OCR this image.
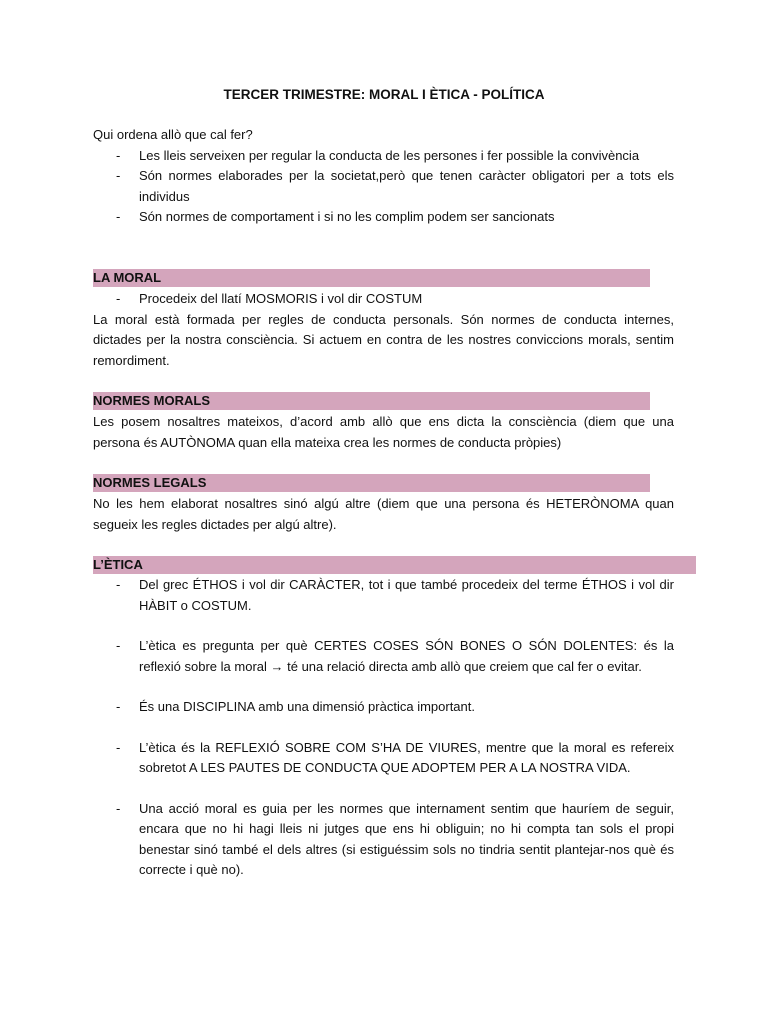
TERCER TRIMESTRE: MORAL I ÈTICA - POLÍTICA

Qui ordena allò que cal fer?

- Les lleis serveixen per regular la conducta de les persones i fer possible la convivència
- Són normes elaborades per la societat,però que tenen caràcter obligatori per a tots els individus
- Són normes de comportament i si no les complim podem ser sancionats
LA MORAL
- Procedeix del llatí MOSMORIS i vol dir COSTUM

La moral està formada per regles de conducta personals. Són normes de conducta internes, dictades per la nostra consciència. Si actuem en contra de les nostres conviccions morals, sentim remordiment.

NORMES MORALS

Les posem nosaltres mateixos, d’acord amb allò que ens dicta la consciència (diem que una persona és AUTÒNOMA quan ella mateixa crea les normes de conducta pròpies)

NORMES LEGALS

No les hem elaborat nosaltres sinó algú altre (diem que una persona és HETERÒNOMA quan segueix les regles dictades per algú altre).

L’ÈTICA
- Del grec ÉTHOS i vol dir CARÀCTER, tot i que també procedeix del terme ÉTHOS i vol dir HÀBIT o COSTUM.
- L’ètica es pregunta per què CERTES COSES SÓN BONES O SÓN DOLENTES: és la reflexió sobre la moral → té una relació directa amb allò que creiem que cal fer o evitar.
- És una DISCIPLINA amb una dimensió pràctica important.
- L’ètica és la REFLEXIÓ SOBRE COM S’HA DE VIURES, mentre que la moral es refereix sobretot A LES PAUTES DE CONDUCTA QUE ADOPTEM PER A LA NOSTRA VIDA.
- Una acció moral es guia per les normes que internament sentim que hauríem de seguir, encara que no hi hagi lleis ni jutges que ens hi obliguin; no hi compta tan sols el propi benestar sinó també el dels altres (si estiguéssim sols no tindria sentit plantejar-nos què és correcte i què no).
